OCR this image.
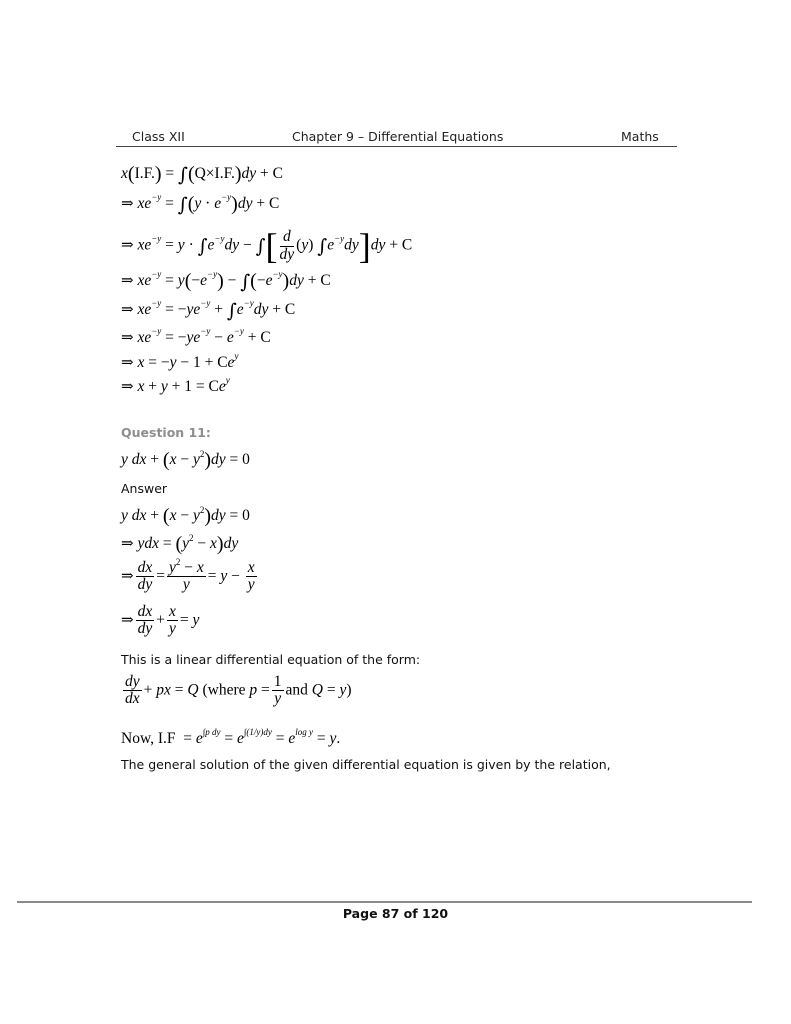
Class XII	Chapter 9 – Differential Equations	Maths
x(I.F.) = ∫(Q×I.F.)dy + C
⇒ $xe^{-y} = \int(y \cdot e^{-y})dy + C$
⇒ $xe^{-y} = y \cdot \int e^{-y}dy$ − ∫[ $\frac{d}{dy} (y) \int e^{-y}dy]dy + C$
⇒ $xe^{-y} = y(-e^{-y}) - \int(-e^{-y})dy + C$
⇒ $xe^{-y} = -ye^{-y} + \int e^{-y}dy + C$
⇒ $xe^{-y} = -ye^{-y} - e^{-y} + C$
⇒ $x = -y - 1 + Ce^y$
⇒ $x + y + 1 = Ce^y$
Question 11:
y dx + $(x - y^2)dy = 0$
Answer
y dx + $(x - y^2)dy = 0$
⇒ ydx = $(y^2 - x)dy$
⇒ $\frac{dx}{dy} = \frac{y^2 - x}{y} = y - \frac{x}{y}$
⇒ $\frac{dx}{dy} + \frac{x}{y} = y$
This is a linear differential equation of the form:
$\frac{dy}{dx}$ + px = Q (where $p = \frac{1}{y}$ and Q = y)
Now, $I.F = e^{\int p dy} = e^{\int(1/y)dy} = e^{log y} = y$.
The general solution of the given differential equation is given by the relation,
Page 87 of 120
